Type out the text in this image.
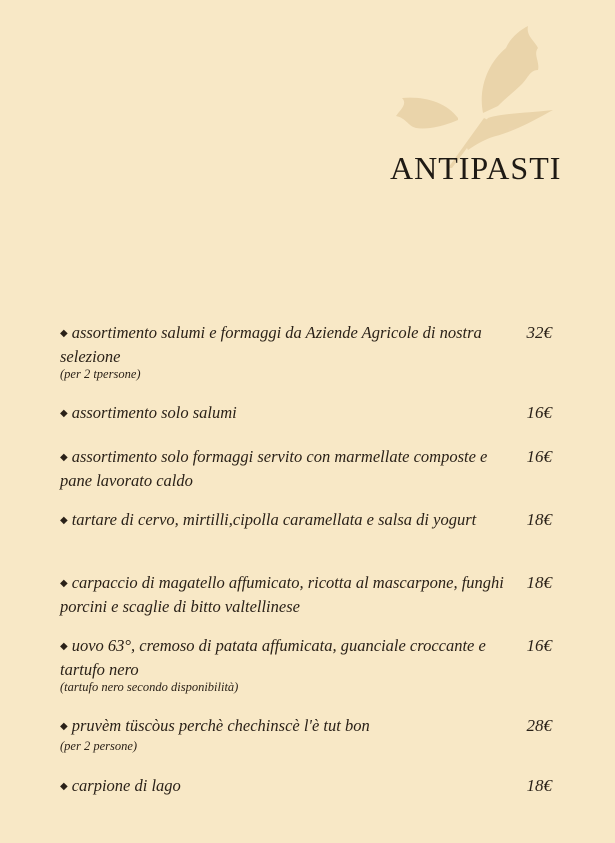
ANTIPASTI
◆ assortimento salumi e formaggi da Aziende Agricole di nostra selezione
(per 2 tpersone)
32€
◆ assortimento solo salumi	16€
◆ assortimento solo formaggi servito con marmellate composte e pane lavorato caldo
16€
◆ tartare di cervo, mirtilli,cipolla caramellata e salsa di yogurt	18€
◆ carpaccio di magatello affumicato, ricotta al mascarpone, funghi porcini e scaglie di bitto valtellinese
18€
◆ uovo 63°, cremoso di patata affumicata, guanciale croccante e tartufo nero
(tartufo nero secondo disponibilità)
16€
◆ pruvèm tüscòus perchè chechinscè l'è tut bon
(per 2 persone)
28€
◆ carpione di lago	18€
